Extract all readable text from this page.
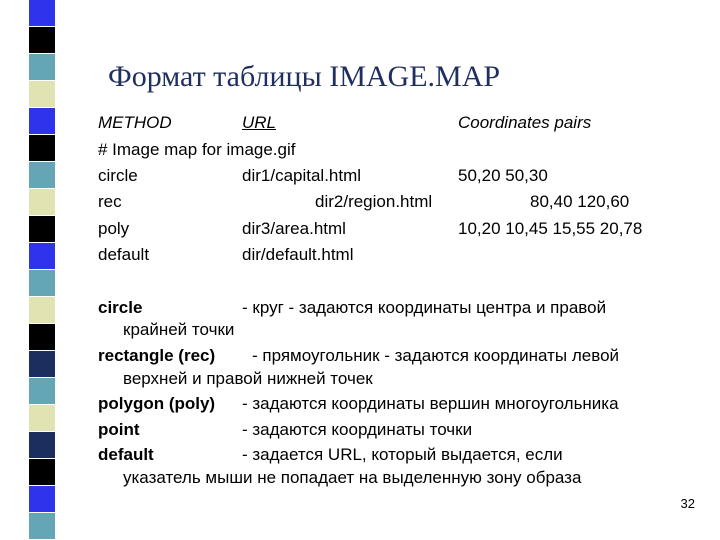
Формат таблицы IMAGE.MAP
METHOD	URL	Coordinates pairs
# Image map for image.gif
circle	dir1/capital.html	50,20 50,30
rec	dir2/region.html	80,40 120,60
poly	dir3/area.html	10,20 10,45 15,55 20,78
default	dir/default.html
circle	- круг - задаются координаты центра и правой
крайней точки
rectangle (rec) - прямоугольник - задаются координаты левой
верхней и правой нижней точек
polygon (poly) - задаются координаты вершин многоугольника
point	- задаются координаты точки
default	- задается URL, который выдается, если
указатель мыши не попадает на выделенную зону образа
32
